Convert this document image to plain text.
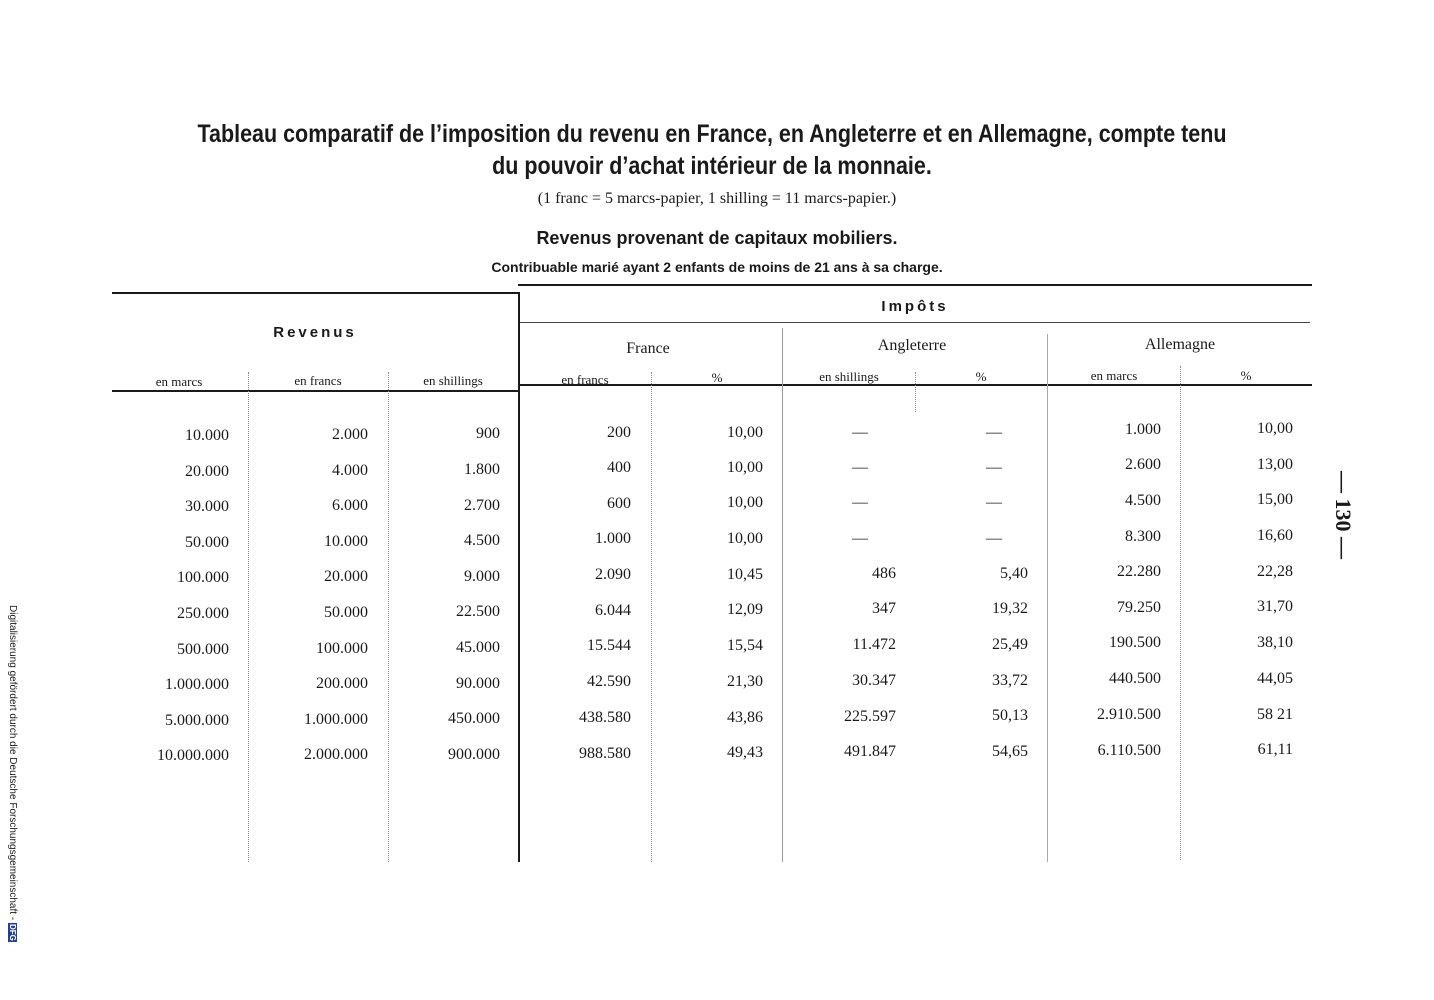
Tableau comparatif de l’imposition du revenu en France, en Angleterre et en Allemagne, compte tenu du pouvoir d’achat intérieur de la monnaie.
(1 franc = 5 marcs-papier, 1 shilling = 11 marcs-papier.)
Revenus provenant de capitaux mobiliers.
Contribuable marié ayant 2 enfants de moins de 21 ans à sa charge.
Revenus
Impôts
France	Angleterre	Allemagne
en marcs	en francs	en shillings	en francs	%	en shillings	%	en marcs	%
10.000	2.000	900	200	10,00	—	—	1.000	10,00
20.000	4.000	1.800	400	10,00	—	—	2.600	13,00
30.000	6.000	2.700	600	10,00	—	—	4.500	15,00
50.000	10.000	4.500	1.000	10,00	—	—	8.300	16,60
100.000	20.000	9.000	2.090	10,45	486	5,40	22.280	22,28
250.000	50.000	22.500	6.044	12,09	347	19,32	79.250	31,70
500.000	100.000	45.000	15.544	15,54	11.472	25,49	190.500	38,10
1.000.000	200.000	90.000	42.590	21,30	30.347	33,72	440.500	44,05
5.000.000	1.000.000	450.000	438.580	43,86	225.597	50,13	2.910.500	58 21
10.000.000	2.000.000	900.000	988.580	49,43	491.847	54,65	6.110.500	61,11
— 130 —
Digitalisierung gefördert durch die Deutsche Forschungsgemeinschaft - DFG
